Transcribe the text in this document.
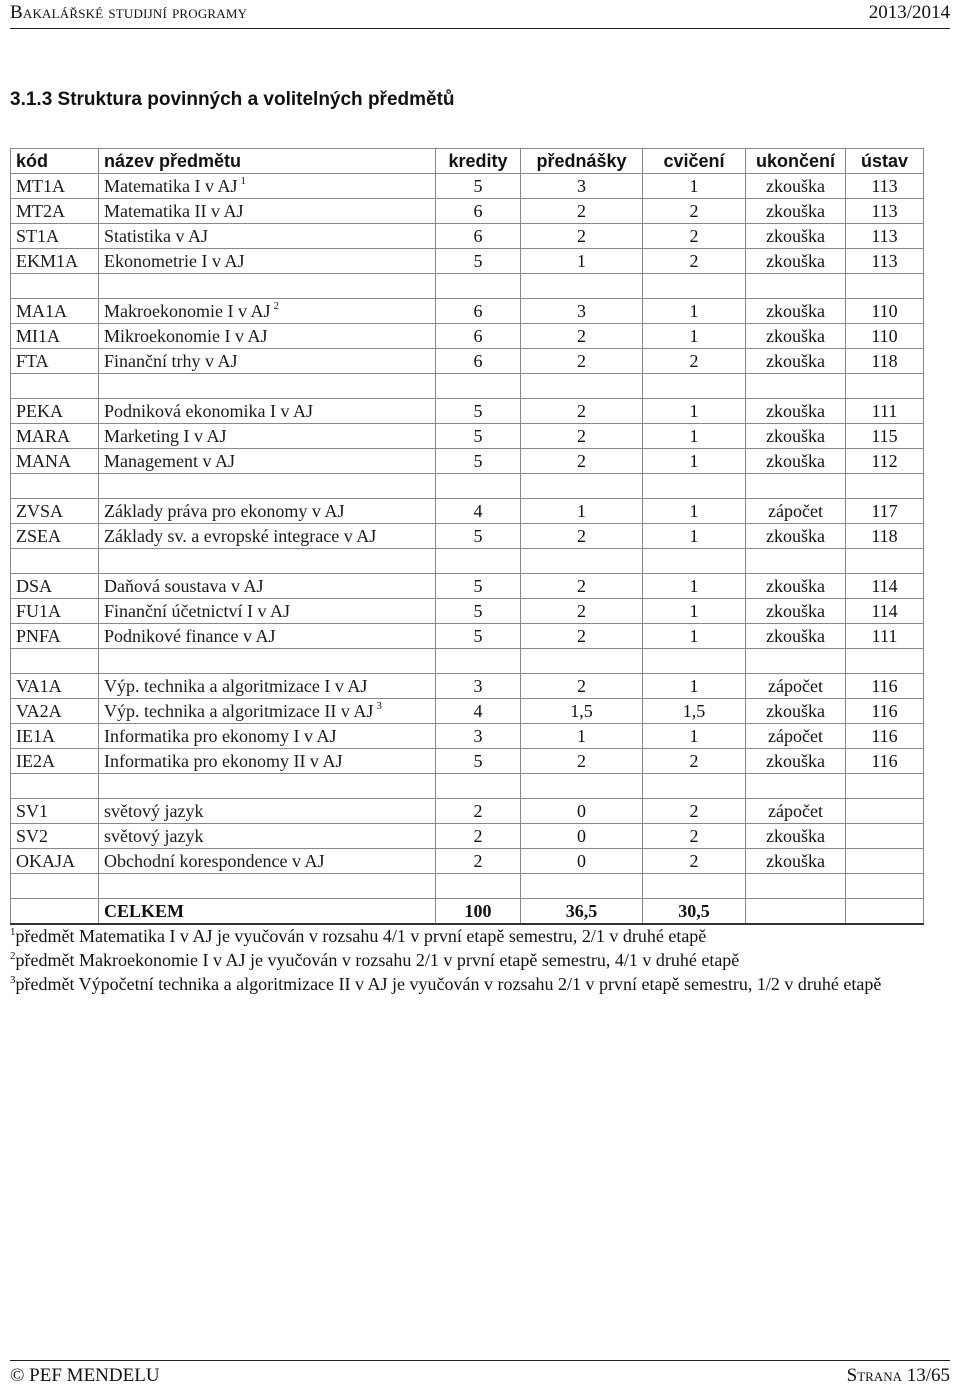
Bakalářské studijní programy	2013/2014
3.1.3 Struktura povinných a volitelných předmětů
kód	název předmětu	kredity	přednášky	cvičení	ukončení	ústav
MT1A	Matematika I v AJ $^1$	5	3	1	zkouška	113
MT2A	Matematika II v AJ	6	2	2	zkouška	113
ST1A	Statistika v AJ	6	2	2	zkouška	113
EKM1A	Ekonometrie I v AJ	5	1	2	zkouška	113

MA1A	Makroekonomie I v AJ $^2$	6	3	1	zkouška	110
MI1A	Mikroekonomie I v AJ	6	2	1	zkouška	110
FTA	Finanční trhy v AJ	6	2	2	zkouška	118

PEKA	Podniková ekonomika I v AJ	5	2	1	zkouška	111
MARA	Marketing I v AJ	5	2	1	zkouška	115
MANA	Management v AJ	5	2	1	zkouška	112

ZVSA	Základy práva pro ekonomy v AJ	4	1	1	zápočet	117
ZSEA	Základy sv. a evropské integrace v AJ	5	2	1	zkouška	118

DSA	Daňová soustava v AJ	5	2	1	zkouška	114
FU1A	Finanční účetnictví I v AJ	5	2	1	zkouška	114
PNFA	Podnikové finance v AJ	5	2	1	zkouška	111

VA1A	Výp. technika a algoritmizace I v AJ	3	2	1	zápočet	116
VA2A	Výp. technika a algoritmizace II v AJ $^3$	4	1,5	1,5	zkouška	116
IE1A	Informatika pro ekonomy I v AJ	3	1	1	zápočet	116
IE2A	Informatika pro ekonomy II v AJ	5	2	2	zkouška	116

SV1	světový jazyk	2	0	2	zápočet	
SV2	světový jazyk	2	0	2	zkouška	
OKAJA	Obchodní korespondence v AJ	2	0	2	zkouška	

	CELKEM	100	36,5	30,5		

$^1$předmět Matematika I v AJ je vyučován v rozsahu 4/1 v první etapě semestru, 2/1 v druhé etapě

$^2$předmět Makroekonomie I v AJ je vyučován v rozsahu 2/1 v první etapě semestru, 4/1 v druhé etapě

$^3$předmět Výpočetní technika a algoritmizace II v AJ je vyučován v rozsahu 2/1 v první etapě semestru, 1/2 v druhé etapě

© PEF MENDELU	Strana 13/65
